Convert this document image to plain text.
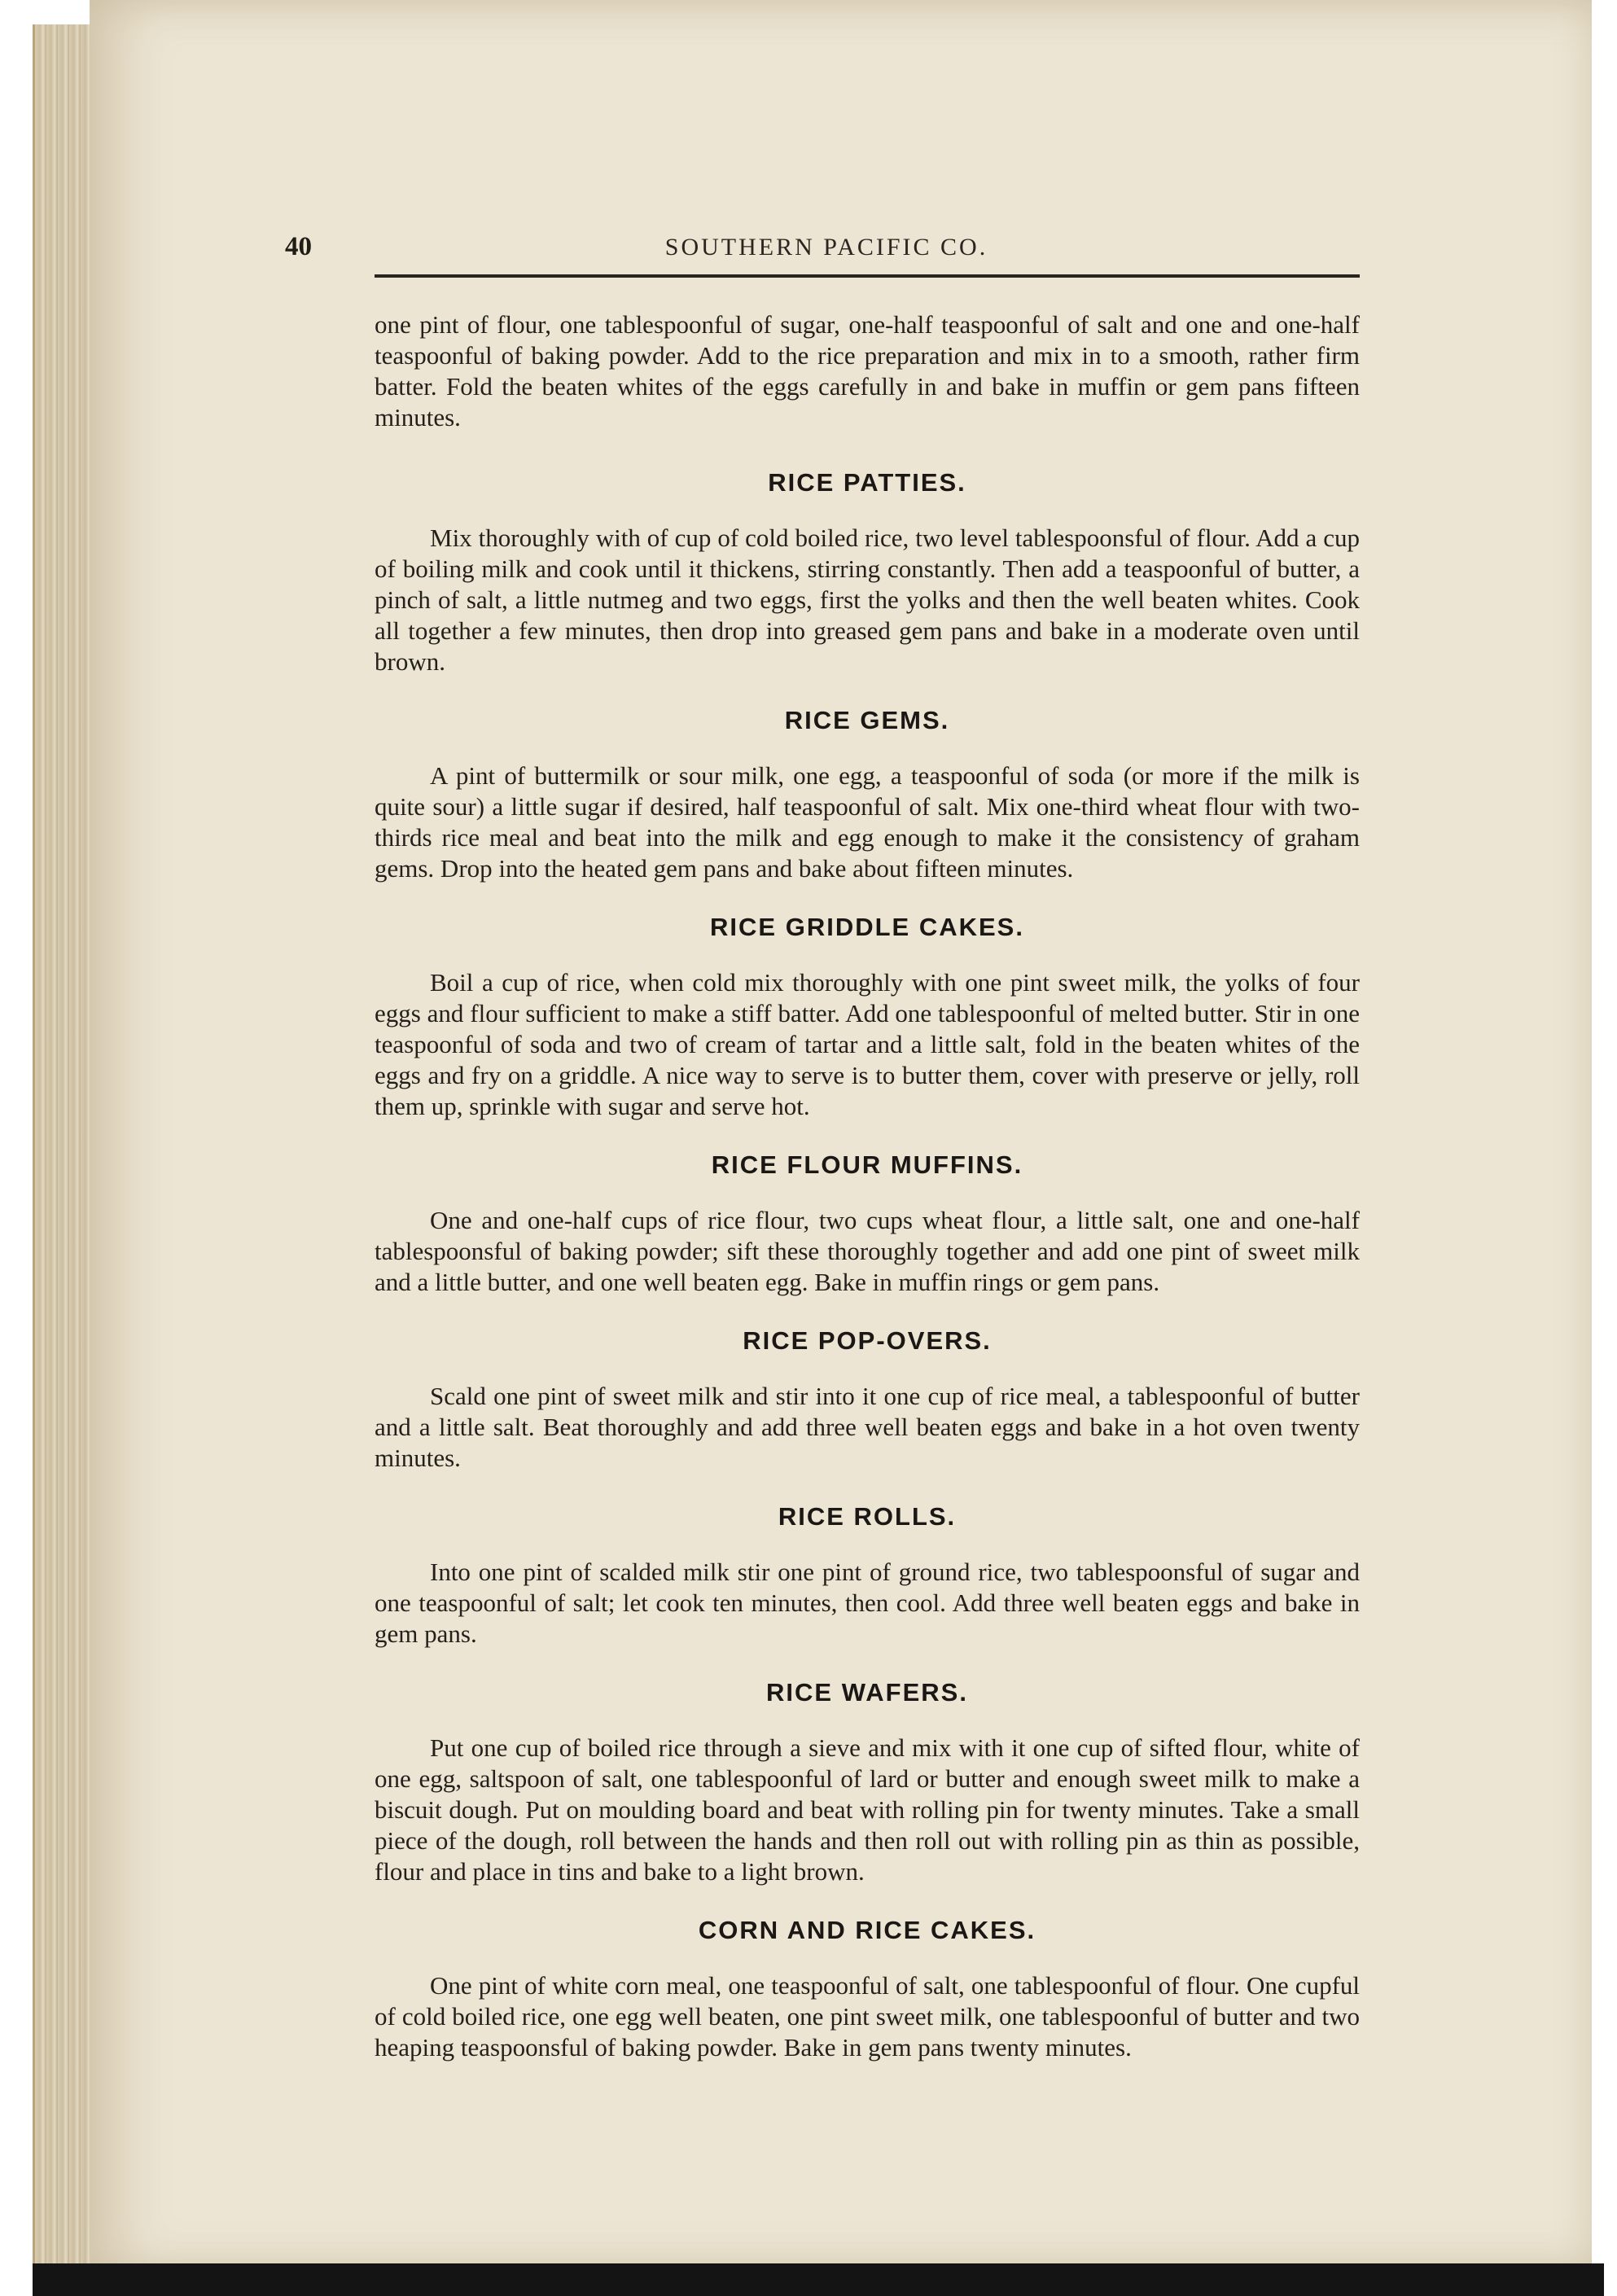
40	SOUTHERN PACIFIC CO.

one pint of flour, one tablespoonful of sugar, one-half teaspoonful of salt and one and one-half teaspoonful of baking powder. Add to the rice preparation and mix in to a smooth, rather firm batter. Fold the beaten whites of the eggs carefully in and bake in muffin or gem pans fifteen minutes.

RICE PATTIES.

Mix thoroughly with of cup of cold boiled rice, two level tablespoonsful of flour. Add a cup of boiling milk and cook until it thickens, stirring constantly. Then add a teaspoonful of butter, a pinch of salt, a little nutmeg and two eggs, first the yolks and then the well beaten whites. Cook all together a few minutes, then drop into greased gem pans and bake in a moderate oven until brown.

RICE GEMS.

A pint of buttermilk or sour milk, one egg, a teaspoonful of soda (or more if the milk is quite sour) a little sugar if desired, half teaspoonful of salt. Mix one-third wheat flour with two-thirds rice meal and beat into the milk and egg enough to make it the consistency of graham gems. Drop into the heated gem pans and bake about fifteen minutes.

RICE GRIDDLE CAKES.

Boil a cup of rice, when cold mix thoroughly with one pint sweet milk, the yolks of four eggs and flour sufficient to make a stiff batter. Add one tablespoonful of melted butter. Stir in one teaspoonful of soda and two of cream of tartar and a little salt, fold in the beaten whites of the eggs and fry on a griddle. A nice way to serve is to butter them, cover with preserve or jelly, roll them up, sprinkle with sugar and serve hot.

RICE FLOUR MUFFINS.

One and one-half cups of rice flour, two cups wheat flour, a little salt, one and one-half tablespoonsful of baking powder; sift these thoroughly together and add one pint of sweet milk and a little butter, and one well beaten egg. Bake in muffin rings or gem pans.

RICE POP-OVERS.

Scald one pint of sweet milk and stir into it one cup of rice meal, a tablespoonful of butter and a little salt. Beat thoroughly and add three well beaten eggs and bake in a hot oven twenty minutes.

RICE ROLLS.

Into one pint of scalded milk stir one pint of ground rice, two tablespoonsful of sugar and one teaspoonful of salt; let cook ten minutes, then cool. Add three well beaten eggs and bake in gem pans.

RICE WAFERS.

Put one cup of boiled rice through a sieve and mix with it one cup of sifted flour, white of one egg, saltspoon of salt, one tablespoonful of lard or butter and enough sweet milk to make a biscuit dough. Put on moulding board and beat with rolling pin for twenty minutes. Take a small piece of the dough, roll between the hands and then roll out with rolling pin as thin as possible, flour and place in tins and bake to a light brown.

CORN AND RICE CAKES.

One pint of white corn meal, one teaspoonful of salt, one tablespoonful of flour. One cupful of cold boiled rice, one egg well beaten, one pint sweet milk, one tablespoonful of butter and two heaping teaspoonsful of baking powder. Bake in gem pans twenty minutes.
